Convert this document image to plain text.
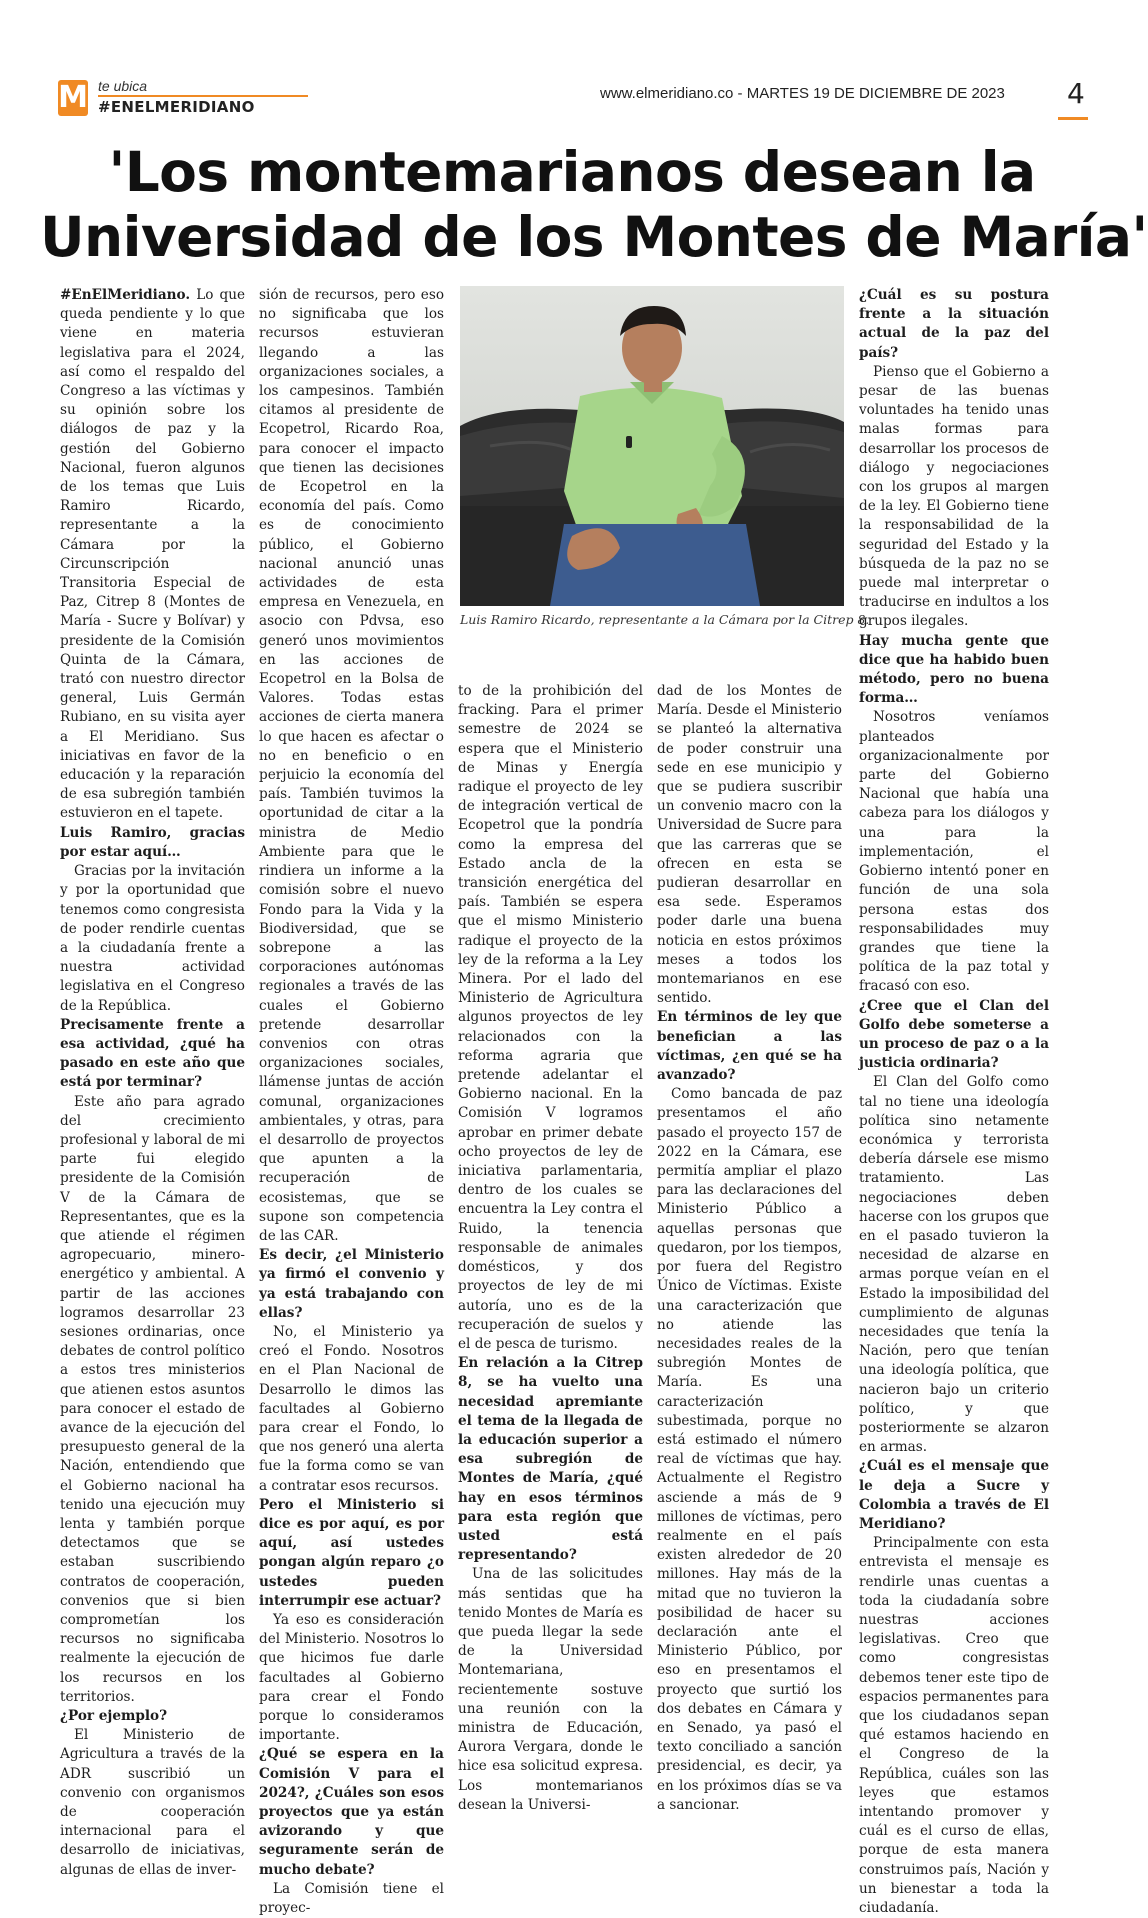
M te ubica
#ENELMERIDIANO
www.elmeridiano.co - MARTES 19 DE DICIEMBRE DE 2023 4
'Los montemarianos desean la
Universidad de los Montes de María'

#EnElMeridiano. Lo que queda pendiente y lo que viene en materia legislativa para el 2024, así como el respaldo del Congreso a las víctimas y su opinión sobre los diálogos de paz y la gestión del Gobierno Nacional, fueron algunos de los temas que Luis Ramiro Ricardo, representante a la Cámara por la Circunscripción Transitoria Especial de Paz, Citrep 8 (Montes de María - Sucre y Bolívar) y presidente de la Comisión Quinta de la Cámara, trató con nuestro director general, Luis Germán Rubiano, en su visita ayer a El Meridiano. Sus iniciativas en favor de la educación y la reparación de esa subregión también estuvieron en el tapete.

Luis Ramiro, gracias por estar aquí…

Gracias por la invitación y por la oportunidad que tenemos como congresista de poder rendirle cuentas a la ciudadanía frente a nuestra actividad legislativa en el Congreso de la República.

Precisamente frente a esa actividad, ¿qué ha pasado en este año que está por terminar?

Este año para agrado del crecimiento profesional y laboral de mi parte fui elegido presidente de la Comisión V de la Cámara de Representantes, que es la que atiende el régimen agropecuario, minero-energético y ambiental. A partir de las acciones logramos desarrollar 23 sesiones ordinarias, once debates de control político a estos tres ministerios que atienen estos asuntos para conocer el estado de avance de la ejecución del presupuesto general de la Nación, entendiendo que el Gobierno nacional ha tenido una ejecución muy lenta y también porque detectamos que se estaban suscribiendo contratos de cooperación, convenios que si bien comprometían los recursos no significaba realmente la ejecución de los recursos en los territorios.

¿Por ejemplo?

El Ministerio de Agricultura a través de la ADR suscribió un convenio con organismos de cooperación internacional para el desarrollo de iniciativas, algunas de ellas de inver-

sión de recursos, pero eso no significaba que los recursos estuvieran llegando a las organizaciones sociales, a los campesinos. También citamos al presidente de Ecopetrol, Ricardo Roa, para conocer el impacto que tienen las decisiones de Ecopetrol en la economía del país. Como es de conocimiento público, el Gobierno nacional anunció unas actividades de esta empresa en Venezuela, en asocio con Pdvsa, eso generó unos movimientos en las acciones de Ecopetrol en la Bolsa de Valores. Todas estas acciones de cierta manera lo que hacen es afectar o no en beneficio o en perjuicio la economía del país. También tuvimos la oportunidad de citar a la ministra de Medio Ambiente para que le rindiera un informe a la comisión sobre el nuevo Fondo para la Vida y la Biodiversidad, que se sobrepone a las corporaciones autónomas regionales a través de las cuales el Gobierno pretende desarrollar convenios con otras organizaciones sociales, llámense juntas de acción comunal, organizaciones ambientales, y otras, para el desarrollo de proyectos que apunten a la recuperación de ecosistemas, que se supone son competencia de las CAR.

Es decir, ¿el Ministerio ya firmó el convenio y ya está trabajando con ellas?

No, el Ministerio ya creó el Fondo. Nosotros en el Plan Nacional de Desarrollo le dimos las facultades al Gobierno para crear el Fondo, lo que nos generó una alerta fue la forma como se van a contratar esos recursos.

Pero el Ministerio si dice es por aquí, es por aquí, así ustedes pongan algún reparo ¿o ustedes pueden interrumpir ese actuar?

Ya eso es consideración del Ministerio. Nosotros lo que hicimos fue darle facultades al Gobierno para crear el Fondo porque lo consideramos importante.

¿Qué se espera en la Comisión V para el 2024?, ¿Cuáles son esos proyectos que ya están avizorando y que seguramente serán de mucho debate?

La Comisión tiene el proyec-

Luis Ramiro Ricardo, representante a la Cámara por la Citrep 8.

to de la prohibición del fracking. Para el primer semestre de 2024 se espera que el Ministerio de Minas y Energía radique el proyecto de ley de integración vertical de Ecopetrol que la pondría como la empresa del Estado ancla de la transición energética del país. También se espera que el mismo Ministerio radique el proyecto de la ley de la reforma a la Ley Minera. Por el lado del Ministerio de Agricultura algunos proyectos de ley relacionados con la reforma agraria que pretende adelantar el Gobierno nacional. En la Comisión V logramos aprobar en primer debate ocho proyectos de ley de iniciativa parlamentaria, dentro de los cuales se encuentra la Ley contra el Ruido, la tenencia responsable de animales domésticos, y dos proyectos de ley de mi autoría, uno es de la recuperación de suelos y el de pesca de turismo.

En relación a la Citrep 8, se ha vuelto una necesidad apremiante el tema de la llegada de la educación superior a esa subregión de Montes de María, ¿qué hay en esos términos para esta región que usted está representando?

Una de las solicitudes más sentidas que ha tenido Montes de María es que pueda llegar la sede de la Universidad Montemariana, recientemente sostuve una reunión con la ministra de Educación, Aurora Vergara, donde le hice esa solicitud expresa. Los montemarianos desean la Universi-

dad de los Montes de María. Desde el Ministerio se planteó la alternativa de poder construir una sede en ese municipio y que se pudiera suscribir un convenio macro con la Universidad de Sucre para que las carreras que se ofrecen en esta se pudieran desarrollar en esa sede. Esperamos poder darle una buena noticia en estos próximos meses a todos los montemarianos en ese sentido.

En términos de ley que benefician a las víctimas, ¿en qué se ha avanzado?

Como bancada de paz presentamos el año pasado el proyecto 157 de 2022 en la Cámara, ese permitía ampliar el plazo para las declaraciones del Ministerio Público a aquellas personas que quedaron, por los tiempos, por fuera del Registro Único de Víctimas. Existe una caracterización que no atiende las necesidades reales de la subregión Montes de María. Es una caracterización subestimada, porque no está estimado el número real de víctimas que hay. Actualmente el Registro asciende a más de 9 millones de víctimas, pero realmente en el país existen alrededor de 20 millones. Hay más de la mitad que no tuvieron la posibilidad de hacer su declaración ante el Ministerio Público, por eso en presentamos el proyecto que surtió los dos debates en Cámara y en Senado, ya pasó el texto conciliado a sanción presidencial, es decir, ya en los próximos días se va a sancionar.

¿Cuál es su postura frente a la situación actual de la paz del país?

Pienso que el Gobierno a pesar de las buenas voluntades ha tenido unas malas formas para desarrollar los procesos de diálogo y negociaciones con los grupos al margen de la ley. El Gobierno tiene la responsabilidad de la seguridad del Estado y la búsqueda de la paz no se puede mal interpretar o traducirse en indultos a los grupos ilegales.

Hay mucha gente que dice que ha habido buen método, pero no buena forma…

Nosotros veníamos planteados organizacionalmente por parte del Gobierno Nacional que había una cabeza para los diálogos y una para la implementación, el Gobierno intentó poner en función de una sola persona estas dos responsabilidades muy grandes que tiene la política de la paz total y fracasó con eso.

¿Cree que el Clan del Golfo debe someterse a un proceso de paz o a la justicia ordinaria?

El Clan del Golfo como tal no tiene una ideología política sino netamente económica y terrorista debería dársele ese mismo tratamiento. Las negociaciones deben hacerse con los grupos que en el pasado tuvieron la necesidad de alzarse en armas porque veían en el Estado la imposibilidad del cumplimiento de algunas necesidades que tenía la Nación, pero que tenían una ideología política, que nacieron bajo un criterio político, y que posteriormente se alzaron en armas.

¿Cuál es el mensaje que le deja a Sucre y Colombia a través de El Meridiano?

Principalmente con esta entrevista el mensaje es rendirle unas cuentas a toda la ciudadanía sobre nuestras acciones legislativas. Creo que como congresistas debemos tener este tipo de espacios permanentes para que los ciudadanos sepan qué estamos haciendo en el Congreso de la República, cuáles son las leyes que estamos intentando promover y cuál es el curso de ellas, porque de esta manera construimos país, Nación y un bienestar a toda la ciudadanía.
